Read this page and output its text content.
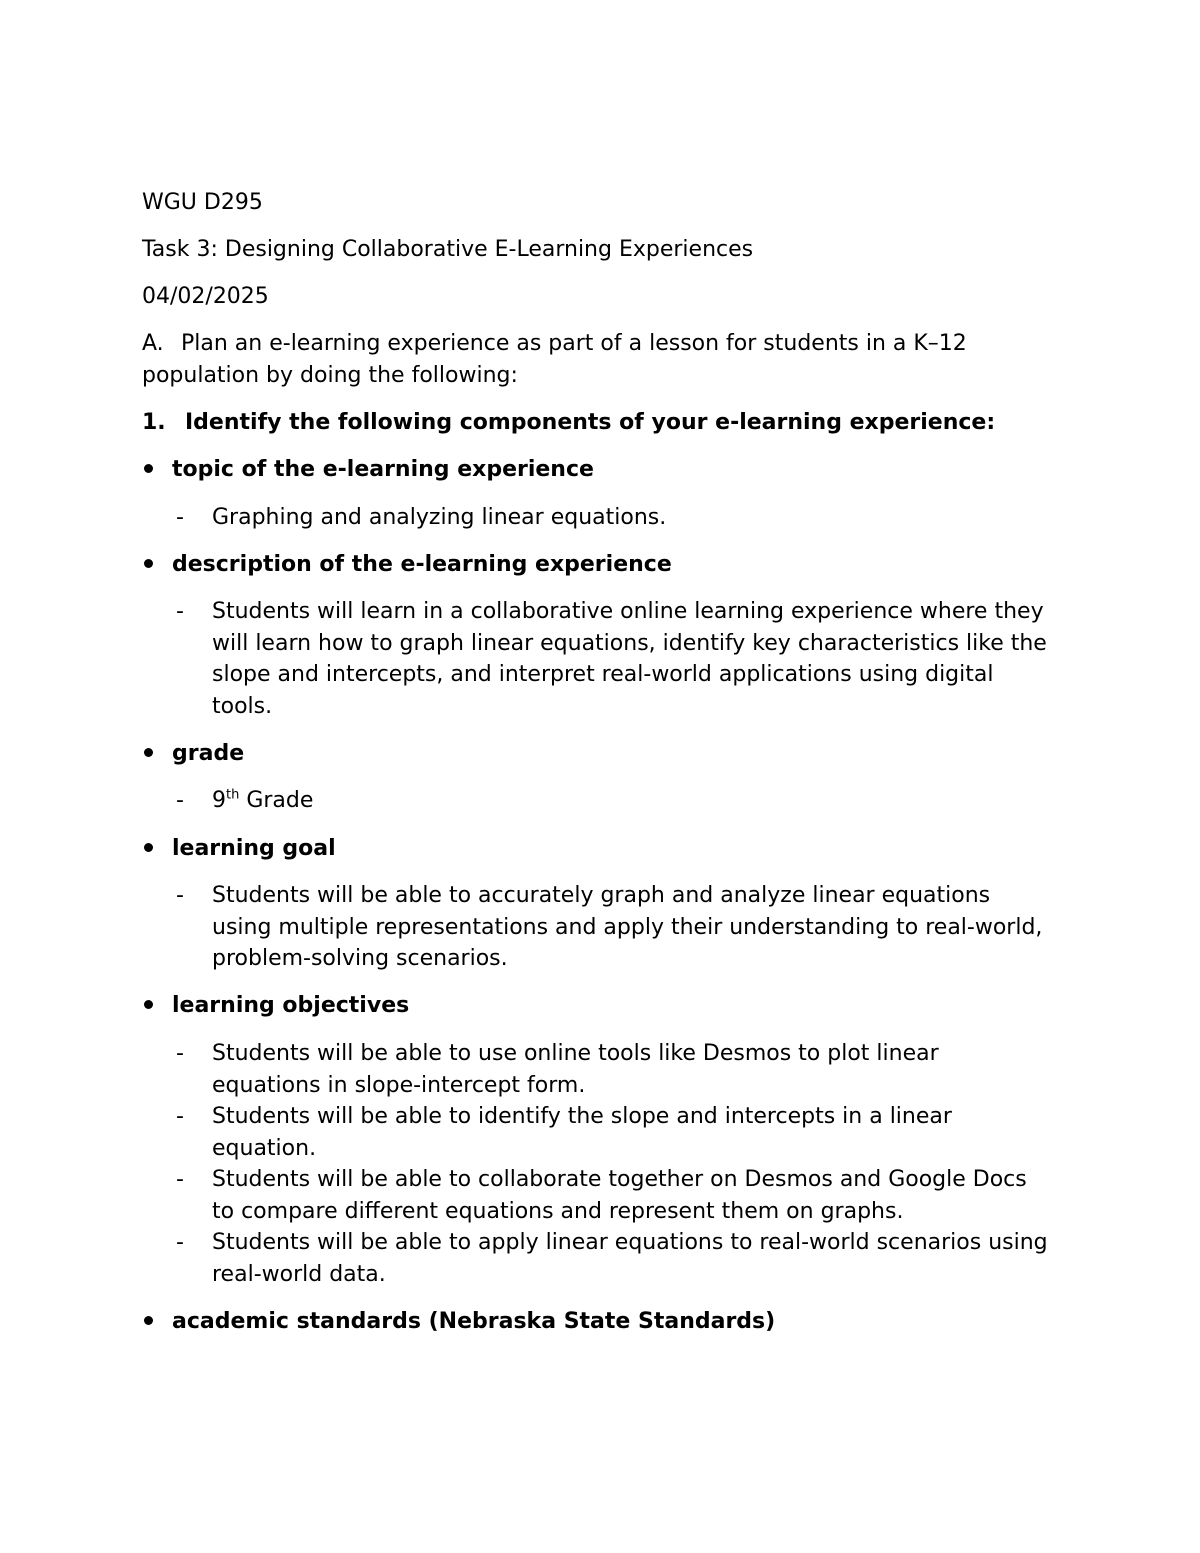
WGU D295
Task 3: Designing Collaborative E-Learning Experiences
04/02/2025
A. Plan an e-learning experience as part of a lesson for students in a K–12 population by doing the following:
1. Identify the following components of your e-learning experience:
topic of the e-learning experience
- Graphing and analyzing linear equations.
description of the e-learning experience
- Students will learn in a collaborative online learning experience where they will learn how to graph linear equations, identify key characteristics like the slope and intercepts, and interpret real-world applications using digital tools.
grade
- 9th Grade
learning goal
- Students will be able to accurately graph and analyze linear equations using multiple representations and apply their understanding to real-world, problem-solving scenarios.
learning objectives
- Students will be able to use online tools like Desmos to plot linear equations in slope-intercept form.
- Students will be able to identify the slope and intercepts in a linear equation.
- Students will be able to collaborate together on Desmos and Google Docs to compare different equations and represent them on graphs.
- Students will be able to apply linear equations to real-world scenarios using real-world data.
academic standards (Nebraska State Standards)
